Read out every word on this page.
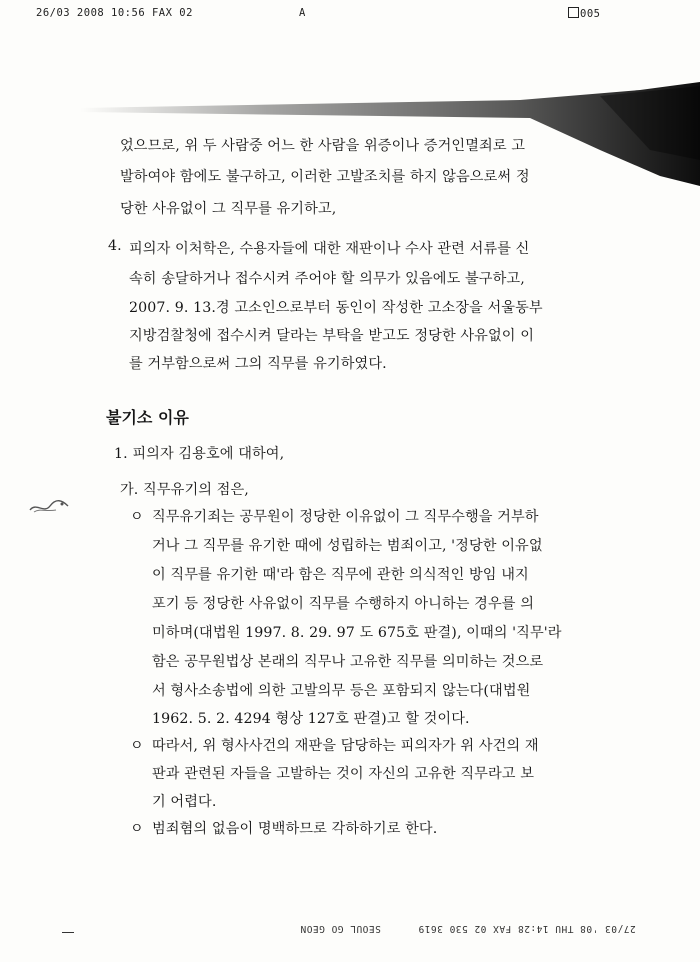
26/03 2008 10:56 FAX 02	A	005
었으므로, 위 두 사람중 어느 한 사람을 위증이나 증거인멸죄로 고
발하여야 함에도 불구하고, 이러한 고발조치를 하지 않음으로써 정
당한 사유없이 그 직무를 유기하고,
4. 피의자 이처학은, 수용자들에 대한 재판이나 수사 관련 서류를 신
속히 송달하거나 접수시켜 주어야 할 의무가 있음에도 불구하고,
2007. 9. 13.경 고소인으로부터 동인이 작성한 고소장을 서울동부
지방검찰청에 접수시켜 달라는 부탁을 받고도 정당한 사유없이 이
를 거부함으로써 그의 직무를 유기하였다.
불기소 이유
1. 피의자 김용호에 대하여,
가. 직무유기의 점은,
ㅇ 직무유기죄는 공무원이 정당한 이유없이 그 직무수행을 거부하
거나 그 직무를 유기한 때에 성립하는 범죄이고, '정당한 이유없
이 직무를 유기한 때'라 함은 직무에 관한 의식적인 방임 내지
포기 등 정당한 사유없이 직무를 수행하지 아니하는 경우를 의
미하며(대법원 1997. 8. 29. 97 도 675호 판결), 이때의 '직무'라
함은 공무원법상 본래의 직무나 고유한 직무를 의미하는 것으로
서 형사소송법에 의한 고발의무 등은 포함되지 않는다(대법원
1962. 5. 2. 4294 형상 127호 판결)고 할 것이다.
ㅇ 따라서, 위 형사사건의 재판을 담당하는 피의자가 위 사건의 재
판과 관련된 자들을 고발하는 것이 자신의 고유한 직무라고 보
기 어렵다.
ㅇ 범죄혐의 없음이 명백하므로 각하하기로 한다.
SEOUL GO GEON	27/03 '08 THU 14:28 FAX 02 530 3619
